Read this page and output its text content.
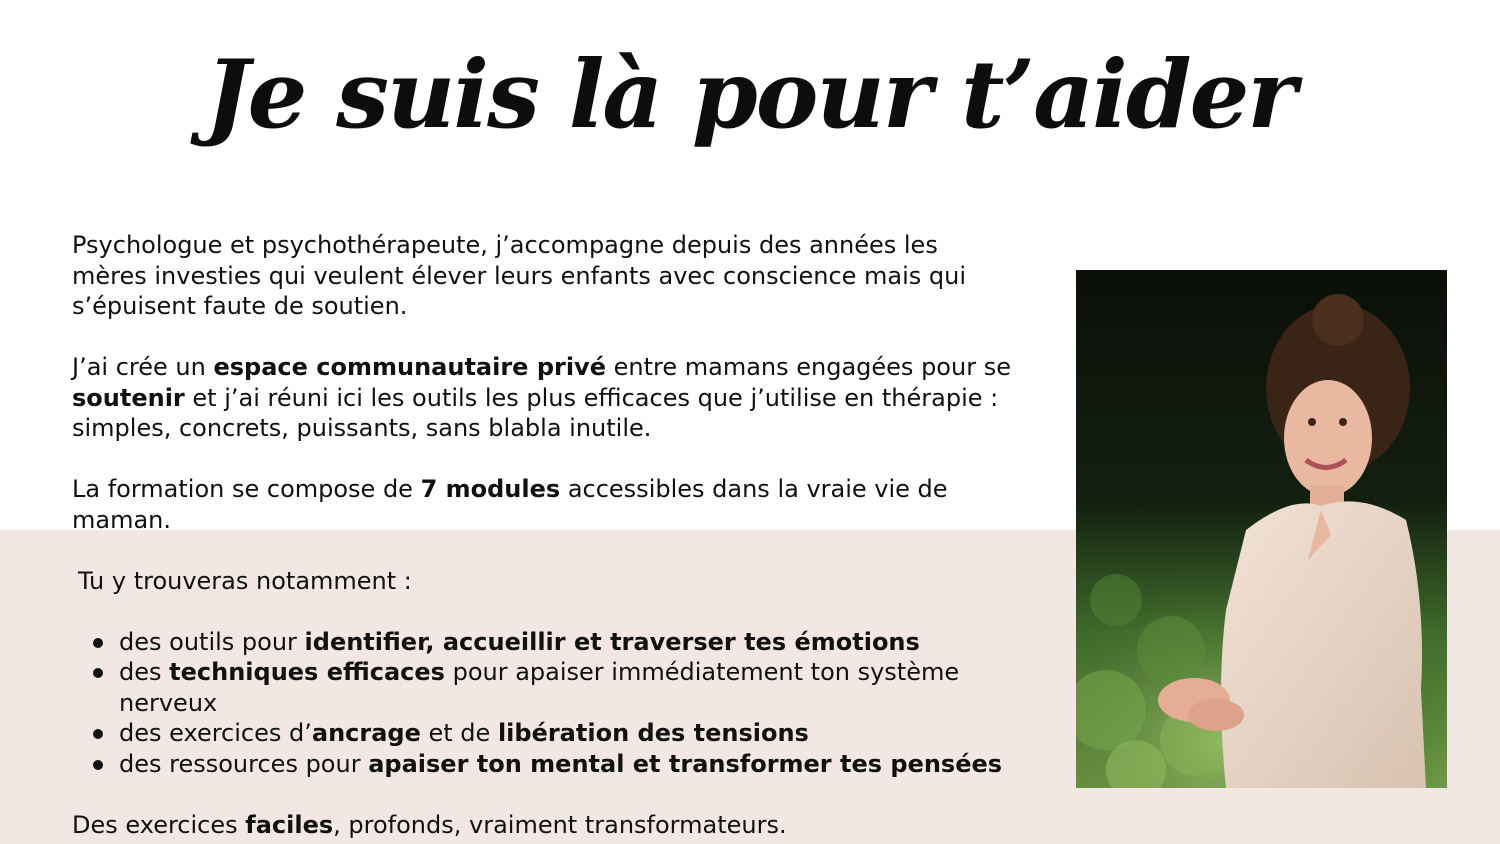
Je suis là pour t’aider

Psychologue et psychothérapeute, j’accompagne depuis des années les mères investies qui veulent élever leurs enfants avec conscience mais qui s’épuisent faute de soutien.

J’ai crée un espace communautaire privé entre mamans engagées pour se soutenir et j’ai réuni ici les outils les plus efficaces que j’utilise en thérapie : simples, concrets, puissants, sans blabla inutile.

La formation se compose de 7 modules accessibles dans la vraie vie de maman.

Tu y trouveras notamment :

des outils pour identifier, accueillir et traverser tes émotions
des techniques efficaces pour apaiser immédiatement ton système nerveux
des exercices d’ancrage et de libération des tensions
des ressources pour apaiser ton mental et transformer tes pensées

Des exercices faciles, profonds, vraiment transformateurs.
